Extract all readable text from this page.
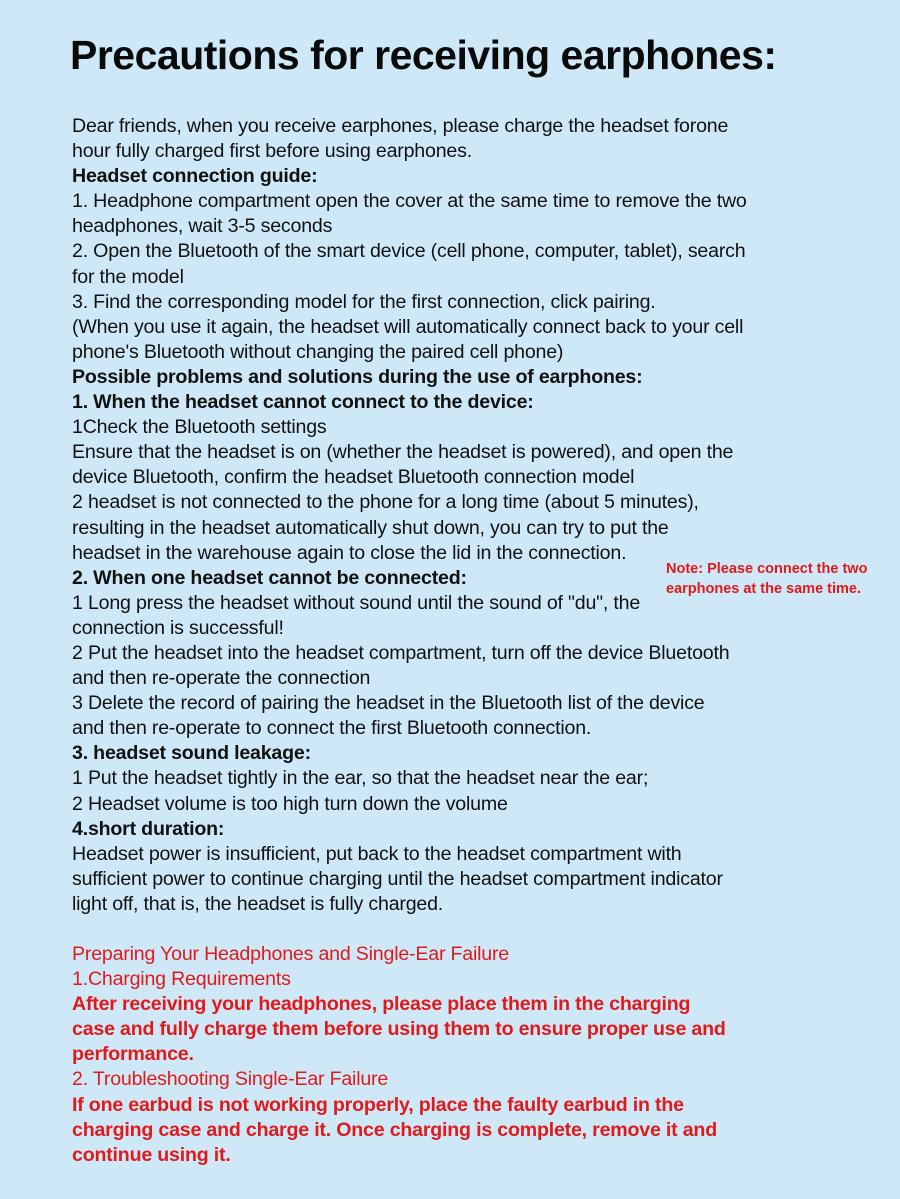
Precautions for receiving earphones:
Dear friends, when you receive earphones, please charge the headset forone
hour fully charged first before using earphones.
Headset connection guide:
1. Headphone compartment open the cover at the same time to remove the two
headphones, wait 3-5 seconds
2. Open the Bluetooth of the smart device (cell phone, computer, tablet), search
for the model
3. Find the corresponding model for the first connection, click pairing.
(When you use it again, the headset will automatically connect back to your cell
phone's Bluetooth without changing the paired cell phone)
Possible problems and solutions during the use of earphones:
1. When the headset cannot connect to the device:
1Check the Bluetooth settings
Ensure that the headset is on (whether the headset is powered), and open the
device Bluetooth, confirm the headset Bluetooth connection model
2 headset is not connected to the phone for a long time (about 5 minutes),
resulting in the headset automatically shut down, you can try to put the
headset in the warehouse again to close the lid in the connection.
2. When one headset cannot be connected:
1 Long press the headset without sound until the sound of "du", the
connection is successful!
2 Put the headset into the headset compartment, turn off the device Bluetooth
and then re-operate the connection
3 Delete the record of pairing the headset in the Bluetooth list of the device
and then re-operate to connect the first Bluetooth connection.
3. headset sound leakage:
1 Put the headset tightly in the ear, so that the headset near the ear;
2 Headset volume is too high turn down the volume
4.short duration:
Headset power is insufficient, put back to the headset compartment with
sufficient power to continue charging until the headset compartment indicator
light off, that is, the headset is fully charged.
Preparing Your Headphones and Single-Ear Failure
1.Charging Requirements
After receiving your headphones, please place them in the charging
case and fully charge them before using them to ensure proper use and
performance.
2. Troubleshooting Single-Ear Failure
If one earbud is not working properly, place the faulty earbud in the
charging case and charge it. Once charging is complete, remove it and
continue using it.
Note: Please connect the two
earphones at the same time.
